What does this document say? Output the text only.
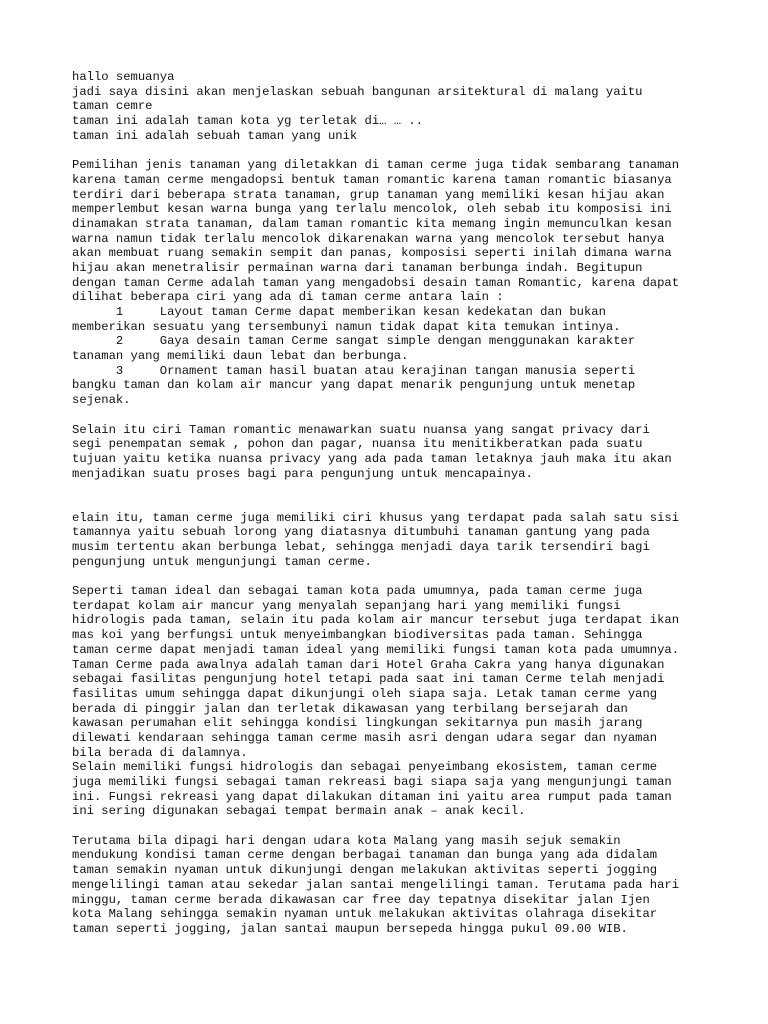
hallo semuanya
jadi saya disini akan menjelaskan sebuah bangunan arsitektural di malang yaitu
taman cemre
taman ini adalah taman kota yg terletak di… … ..
taman ini adalah sebuah taman yang unik
Pemilihan jenis tanaman yang diletakkan di taman cerme juga tidak sembarang tanaman
karena taman cerme mengadopsi bentuk taman romantic karena taman romantic biasanya
terdiri dari beberapa strata tanaman, grup tanaman yang memiliki kesan hijau akan
memperlembut kesan warna bunga yang terlalu mencolok, oleh sebab itu komposisi ini
dinamakan strata tanaman, dalam taman romantic kita memang ingin memunculkan kesan
warna namun tidak terlalu mencolok dikarenakan warna yang mencolok tersebut hanya
akan membuat ruang semakin sempit dan panas, komposisi seperti inilah dimana warna
hijau akan menetralisir permainan warna dari tanaman berbunga indah. Begitupun
dengan taman Cerme adalah taman yang mengadobsi desain taman Romantic, karena dapat
dilihat beberapa ciri yang ada di taman cerme antara lain :
1     Layout taman Cerme dapat memberikan kesan kedekatan dan bukan
memberikan sesuatu yang tersembunyi namun tidak dapat kita temukan intinya.
2     Gaya desain taman Cerme sangat simple dengan menggunakan karakter
tanaman yang memiliki daun lebat dan berbunga.
3     Ornament taman hasil buatan atau kerajinan tangan manusia seperti
bangku taman dan kolam air mancur yang dapat menarik pengunjung untuk menetap
sejenak.
Selain itu ciri Taman romantic menawarkan suatu nuansa yang sangat privacy dari
segi penempatan semak , pohon dan pagar, nuansa itu menitikberatkan pada suatu
tujuan yaitu ketika nuansa privacy yang ada pada taman letaknya jauh maka itu akan
menjadikan suatu proses bagi para pengunjung untuk mencapainya.
elain itu, taman cerme juga memiliki ciri khusus yang terdapat pada salah satu sisi
tamannya yaitu sebuah lorong yang diatasnya ditumbuhi tanaman gantung yang pada
musim tertentu akan berbunga lebat, sehingga menjadi daya tarik tersendiri bagi
pengunjung untuk mengunjungi taman cerme.
Seperti taman ideal dan sebagai taman kota pada umumnya, pada taman cerme juga
terdapat kolam air mancur yang menyalah sepanjang hari yang memiliki fungsi
hidrologis pada taman, selain itu pada kolam air mancur tersebut juga terdapat ikan
mas koi yang berfungsi untuk menyeimbangkan biodiversitas pada taman. Sehingga
taman cerme dapat menjadi taman ideal yang memiliki fungsi taman kota pada umumnya.
Taman Cerme pada awalnya adalah taman dari Hotel Graha Cakra yang hanya digunakan
sebagai fasilitas pengunjung hotel tetapi pada saat ini taman Cerme telah menjadi
fasilitas umum sehingga dapat dikunjungi oleh siapa saja. Letak taman cerme yang
berada di pinggir jalan dan terletak dikawasan yang terbilang bersejarah dan
kawasan perumahan elit sehingga kondisi lingkungan sekitarnya pun masih jarang
dilewati kendaraan sehingga taman cerme masih asri dengan udara segar dan nyaman
bila berada di dalamnya.
Selain memiliki fungsi hidrologis dan sebagai penyeimbang ekosistem, taman cerme
juga memiliki fungsi sebagai taman rekreasi bagi siapa saja yang mengunjungi taman
ini. Fungsi rekreasi yang dapat dilakukan ditaman ini yaitu area rumput pada taman
ini sering digunakan sebagai tempat bermain anak – anak kecil.
Terutama bila dipagi hari dengan udara kota Malang yang masih sejuk semakin
mendukung kondisi taman cerme dengan berbagai tanaman dan bunga yang ada didalam
taman semakin nyaman untuk dikunjungi dengan melakukan aktivitas seperti jogging
mengelilingi taman atau sekedar jalan santai mengelilingi taman. Terutama pada hari
minggu, taman cerme berada dikawasan car free day tepatnya disekitar jalan Ijen
kota Malang sehingga semakin nyaman untuk melakukan aktivitas olahraga disekitar
taman seperti jogging, jalan santai maupun bersepeda hingga pukul 09.00 WIB.
